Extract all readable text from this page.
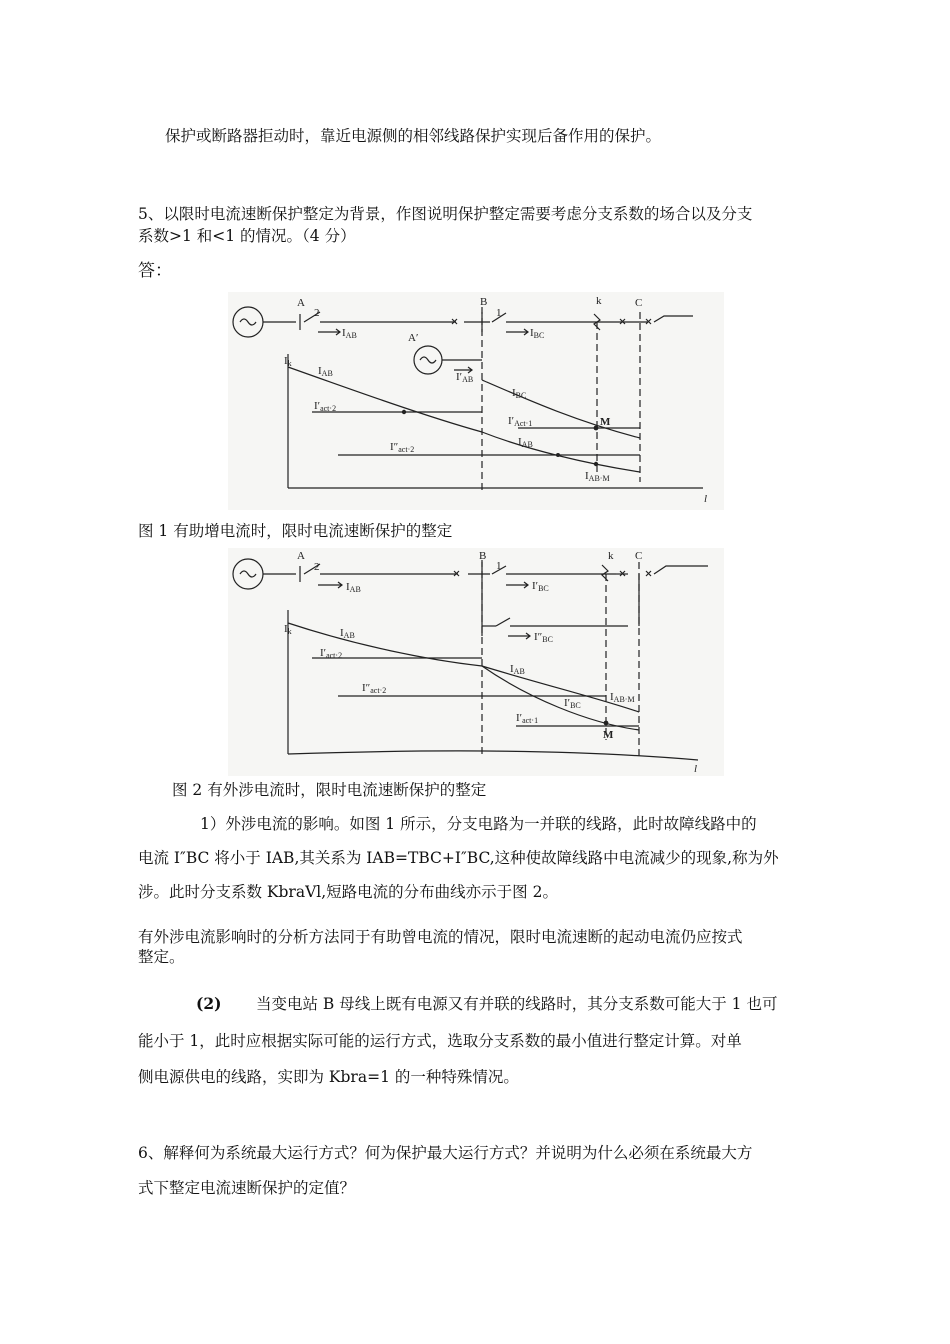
保护或断路器拒动时，靠近电源侧的相邻线路保护实现后备作用的保护。
5、以限时电流速断保护整定为背景，作图说明保护整定需要考虑分支系数的场合以及分支
系数>1 和<1 的情况。（4 分）
答：
A	B	C
k
2	1
A′
IAB	IBC
I′AB
Ik
IAB
IBC
IAB
I′act·2
I′Act·1
I″act·2
M
IAB·M
l
图 1 有助增电流时，限时电流速断保护的整定
A	B	C
k
2	1
IAB	I′BC
I″BC
Ik	IAB
IAB
I′BC
I′act·2
I″act·2
I′act·1
IAB·M
M
l
图 2 有外涉电流时，限时电流速断保护的整定
1）外涉电流的影响。如图 1 所示，分支电路为一并联的线路，此时故障线路中的
电流 I″BC 将小于 IAB,其关系为 IAB=TBC+I″BC,这种使故障线路中电流减少的现象,称为外
涉。此时分支系数 KbraVl,短路电流的分布曲线亦示于图 2。
有外涉电流影响时的分析方法同于有助曾电流的情况，限时电流速断的起动电流仍应按式
整定。
(2) 当变电站 B 母线上既有电源又有并联的线路时，其分支系数可能大于 1 也可
能小于 1，此时应根据实际可能的运行方式，选取分支系数的最小值进行整定计算。对单
侧电源供电的线路，实即为 Kbra=1 的一种特殊情况。
6、解释何为系统最大运行方式？何为保护最大运行方式？并说明为什么必须在系统最大方
式下整定电流速断保护的定值？
